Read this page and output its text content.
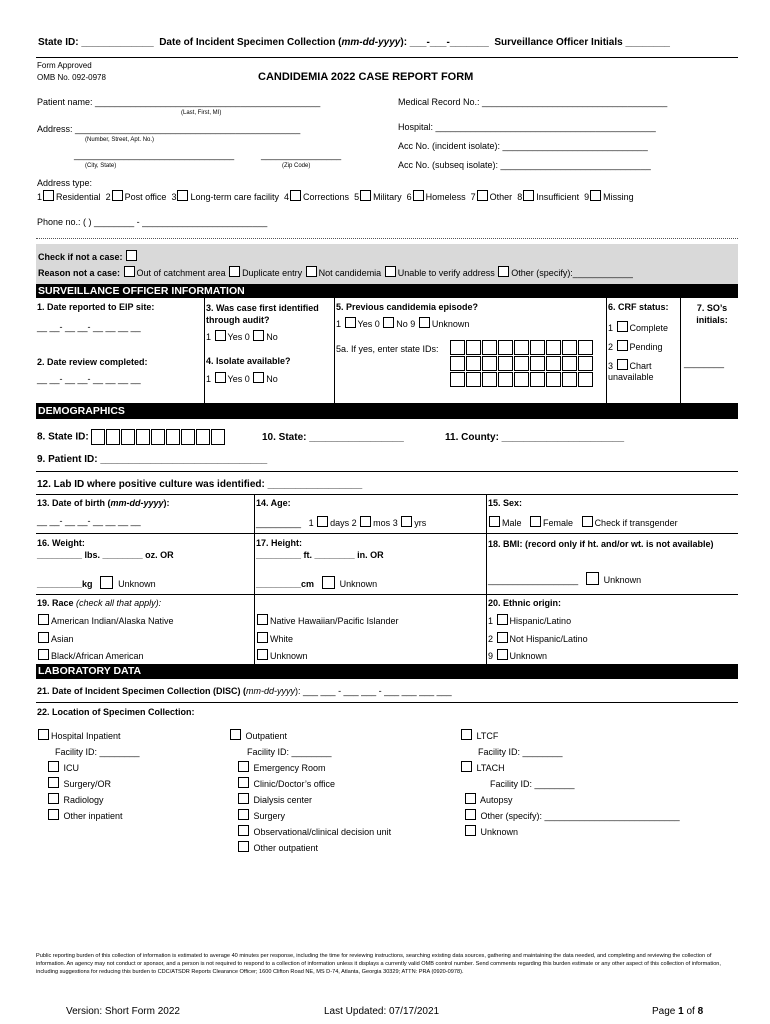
State ID: _____________ Date of Incident Specimen Collection (mm-dd-yyyy): ___-___-_______ Surveillance Officer Initials ________
Form Approved
OMB No. 092-0978	CANDIDEMIA 2022 CASE REPORT FORM
Patient name: _____________________________________________
(Last, First, MI)
Address: _____________________________________________
(Number, Street, Apt. No.)
________________________________	________________
(City, State)	(Zip Code)
Medical Record No.: _____________________________________
Hospital: ____________________________________________
Acc No. (incident isolate): _____________________________
Acc No. (subseq isolate): ______________________________
Address type:
1 Residential 2 Post office 3 Long-term care facility 4 Corrections 5 Military 6 Homeless 7 Other 8 Insufficient 9 Missing
Phone no.: ( ) ________ - _________________________
Check if not a case:
Reason not a case: Out of catchment area Duplicate entry Not candidemia Unable to verify address Other (specify):____________
SURVEILLANCE OFFICER INFORMATION
1. Date reported to EIP site:
__ __- __ __- __ __ __ __
2. Date review completed:
__ __- __ __- __ __ __ __
3. Was case first identified through audit?
1 Yes 0 No
4. Isolate available?
1 Yes 0 No
5. Previous candidemia episode?
1 Yes 0 No 9 Unknown
5a. If yes, enter state IDs:
6. CRF status:
1 Complete
2 Pending
3 Chart unavailable
7. SO’s initials:
________
DEMOGRAPHICS
8. State ID:	10. State: _________________	11. County: ______________________
9. Patient ID: ______________________________
12. Lab ID where positive culture was identified: _________________
13. Date of birth (mm-dd-yyyy):
__ __- __ __- __ __ __ __
14. Age:
_________ 1 days 2 mos 3 yrs
15. Sex:
Male Female Check if transgender
16. Weight:
_________ lbs. ________ oz. OR
_________kg	Unknown
17. Height:
_________ ft. ________ in. OR
_________cm	Unknown
18. BMI: (record only if ht. and/or wt. is not available)
__________________	Unknown
19. Race (check all that apply):
American Indian/Alaska Native
Asian
Black/African American
Native Hawaiian/Pacific Islander
White
Unknown
20. Ethnic origin:
1 Hispanic/Latino
2 Not Hispanic/Latino
9 Unknown
LABORATORY DATA
21. Date of Incident Specimen Collection (DISC) (mm-dd-yyyy): ___ ___ - ___ ___ - ___ ___ ___ ___
22. Location of Specimen Collection:
Hospital Inpatient
Facility ID: ________
ICU
Surgery/OR
Radiology
Other inpatient
Outpatient
Facility ID: ________
Emergency Room
Clinic/Doctor’s office
Dialysis center
Surgery
Observational/clinical decision unit
Other outpatient
LTCF
Facility ID: ________
LTACH
Facility ID: ________
Autopsy
Other (specify): ___________________________
Unknown
Public reporting burden of this collection of information is estimated to average 40 minutes per response, including the time for reviewing instructions, searching existing data sources, gathering and maintaining the data needed, and completing and reviewing the collection of information. An agency may not conduct or sponsor, and a person is not required to respond to a collection of information unless it displays a currently valid OMB control number. Send comments regarding this burden estimate or any other aspect of this collection of information, including suggestions for reducing this burden to CDC/ATSDR Reports Clearance Officer; 1600 Clifton Road NE, MS D-74, Atlanta, Georgia 30329; ATTN: PRA (0920-0978).
Version: Short Form 2022	Last Updated: 07/17/2021	Page 1 of 8
